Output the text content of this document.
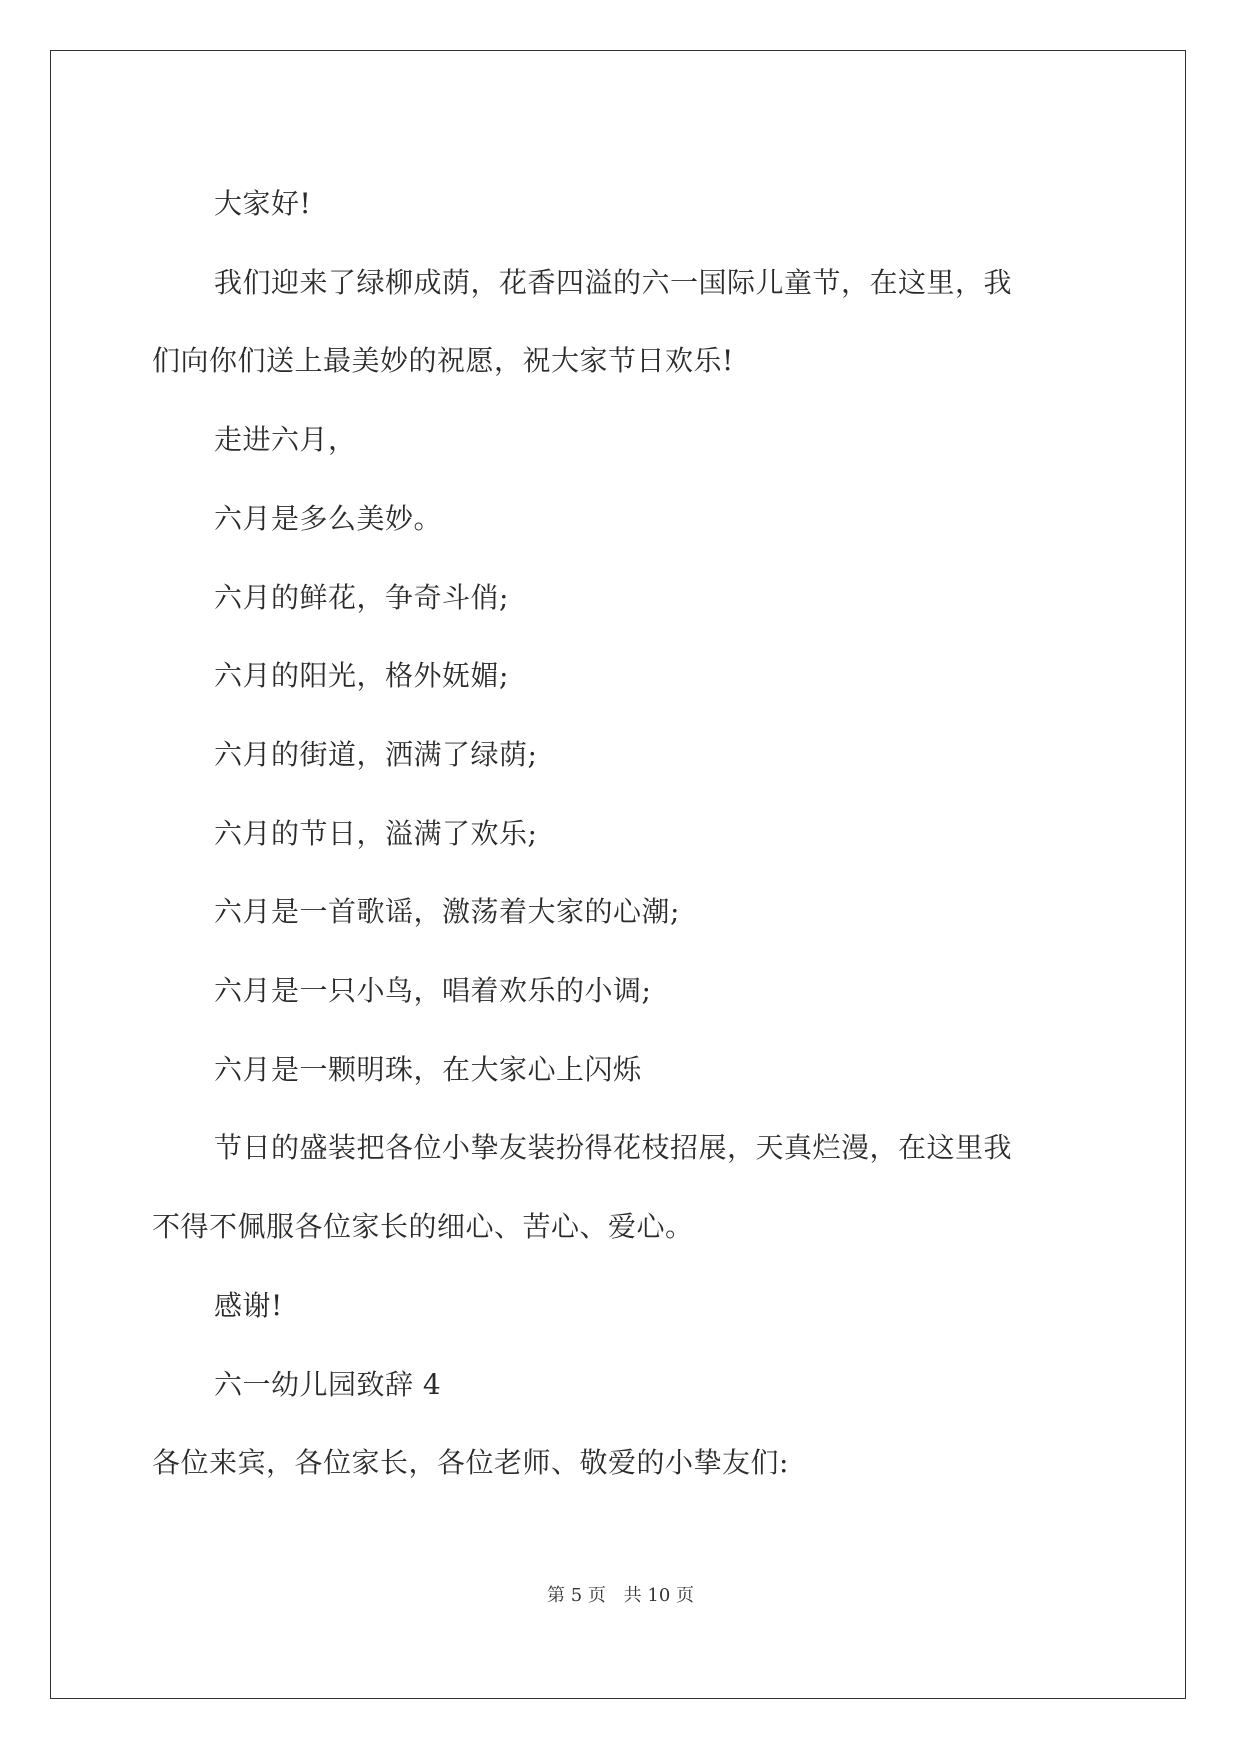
大家好!

我们迎来了绿柳成荫，花香四溢的六一国际儿童节，在这里，我

们向你们送上最美妙的祝愿，祝大家节日欢乐!

走进六月，

六月是多么美妙。

六月的鲜花，争奇斗俏;

六月的阳光，格外妩媚;

六月的街道，洒满了绿荫;

六月的节日，溢满了欢乐;

六月是一首歌谣，激荡着大家的心潮;

六月是一只小鸟，唱着欢乐的小调;

六月是一颗明珠，在大家心上闪烁

节日的盛装把各位小挚友装扮得花枝招展，天真烂漫，在这里我

不得不佩服各位家长的细心、苦心、爱心。

感谢!

六一幼儿园致辞 4

各位来宾，各位家长，各位老师、敬爱的小挚友们:

第 5 页 共 10 页
